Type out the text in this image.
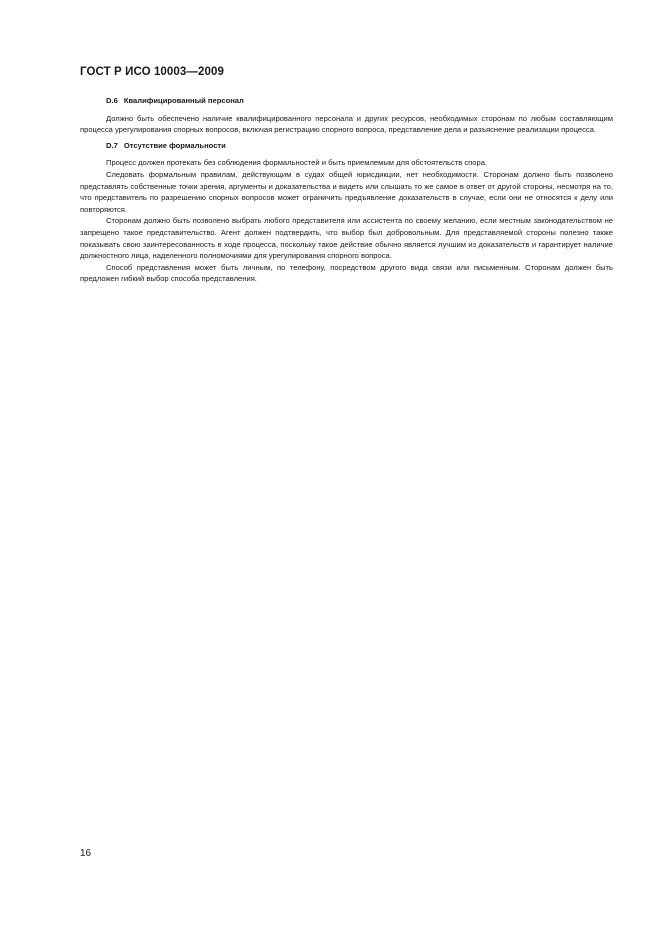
ГОСТ Р ИСО 10003—2009
D.6 Квалифицированный персонал

Должно быть обеспечено наличие квалифицированного персонала и других ресурсов, необходимых сторонам по любым составляющим процесса урегулирования спорных вопросов, включая регистрацию спорного вопроса, представление дела и разъяснение реализации процесса.

D.7 Отсутствие формальности

Процесс должен протекать без соблюдения формальностей и быть приемлемым для обстоятельств спора.

Следовать формальным правилам, действующим в судах общей юрисдикции, нет необходимости. Сторонам должно быть позволено представлять собственные точки зрения, аргументы и доказательства и видеть или слышать то же самое в ответ от другой стороны, несмотря на то, что представитель по разрешению спорных вопросов может ограничить предъявление доказательств в случае, если они не относятся к делу или повторяются.

Сторонам должно быть позволено выбрать любого представителя или ассистента по своему желанию, если местным законодательством не запрещено такое представительство. Агент должен подтвердить, что выбор был добровольным. Для представляемой стороны полезно также показывать свою заинтересованность в ходе процесса, поскольку такое действие обычно является лучшим из доказательств и гарантирует наличие должностного лица, наделенного полномочиями для урегулирования спорного вопроса.

Способ представления может быть личным, по телефону, посредством другого вида связи или письменным. Сторонам должен быть предложен гибкий выбор способа представления.

16
